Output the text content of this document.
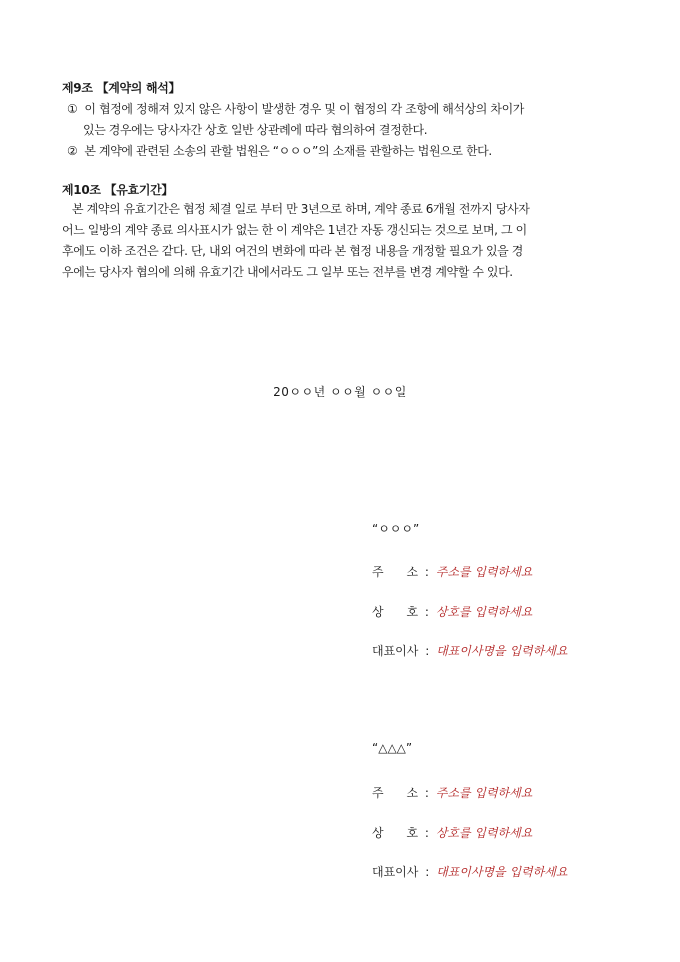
제9조 【계약의 해석】
① 이 협정에 정해져 있지 않은 사항이 발생한 경우 및 이 협정의 각 조항에 해석상의 차이가
있는 경우에는 당사자간 상호 일반 상관례에 따라 협의하여 결정한다.
② 본 계약에 관련된 소송의 관할 법원은 “ㅇㅇㅇ”의 소재를 관할하는 법원으로 한다.
제10조 【유효기간】
본 계약의 유효기간은 협정 체결 일로 부터 만 3년으로 하며, 계약 종료 6개월 전까지 당사자
어느 일방의 계약 종료 의사표시가 없는 한 이 계약은 1년간 자동 갱신되는 것으로 보며, 그 이
후에도 이하 조건은 같다. 단, 내외 여건의 변화에 따라 본 협정 내용을 개정할 필요가 있을 경
우에는 당사자 협의에 의해 유효기간 내에서라도 그 일부 또는 전부를 변경 계약할 수 있다.
20ㅇㅇ년 ㅇㅇ월 ㅇㅇ일
“ㅇㅇㅇ”
주      소 : 주소를 입력하세요
상      호 : 상호를 입력하세요
대표이사 : 대표이사명을 입력하세요
“△△△”
주      소 : 주소를 입력하세요
상      호 : 상호를 입력하세요
대표이사 : 대표이사명을 입력하세요
